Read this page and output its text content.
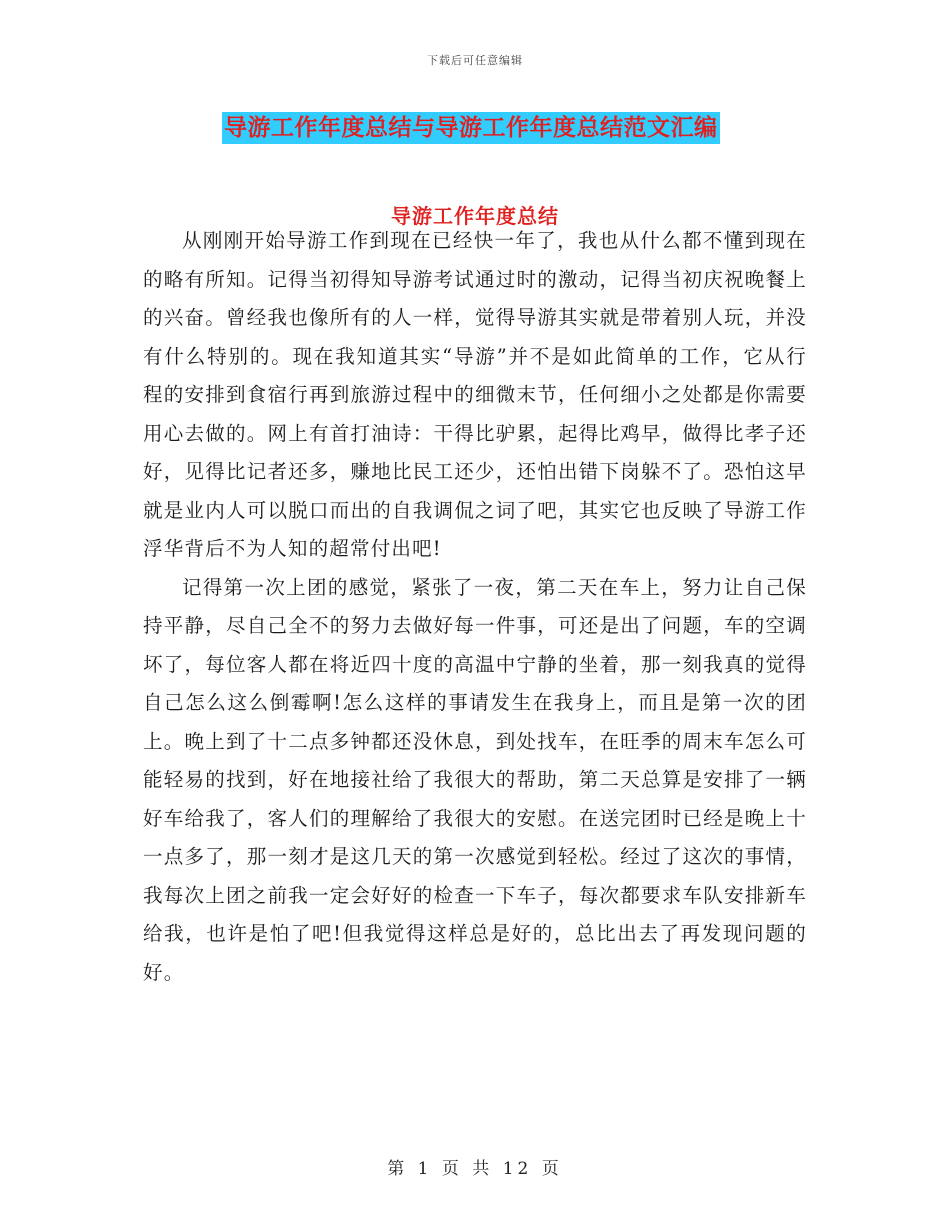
下载后可任意编辑
导游工作年度总结与导游工作年度总结范文汇编
导游工作年度总结

从刚刚开始导游工作到现在已经快一年了，我也从什么都不懂到现在的略有所知。记得当初得知导游考试通过时的激动，记得当初庆祝晚餐上的兴奋。曾经我也像所有的人一样，觉得导游其实就是带着别人玩，并没有什么特别的。现在我知道其实“导游”并不是如此简单的工作，它从行程的安排到食宿行再到旅游过程中的细微末节，任何细小之处都是你需要用心去做的。网上有首打油诗：干得比驴累，起得比鸡早，做得比孝子还好，见得比记者还多，赚地比民工还少，还怕出错下岗躲不了。恐怕这早就是业内人可以脱口而出的自我调侃之词了吧，其实它也反映了导游工作浮华背后不为人知的超常付出吧!

记得第一次上团的感觉，紧张了一夜，第二天在车上，努力让自己保持平静，尽自己全不的努力去做好每一件事，可还是出了问题，车的空调坏了，每位客人都在将近四十度的高温中宁静的坐着，那一刻我真的觉得自己怎么这么倒霉啊!怎么这样的事请发生在我身上，而且是第一次的团上。晚上到了十二点多钟都还没休息，到处找车，在旺季的周末车怎么可能轻易的找到，好在地接社给了我很大的帮助，第二天总算是安排了一辆好车给我了，客人们的理解给了我很大的安慰。在送完团时已经是晚上十一点多了，那一刻才是这几天的第一次感觉到轻松。经过了这次的事情，我每次上团之前我一定会好好的检查一下车子，每次都要求车队安排新车给我，也许是怕了吧!但我觉得这样总是好的，总比出去了再发现问题的好。

第 1 页 共 12 页
